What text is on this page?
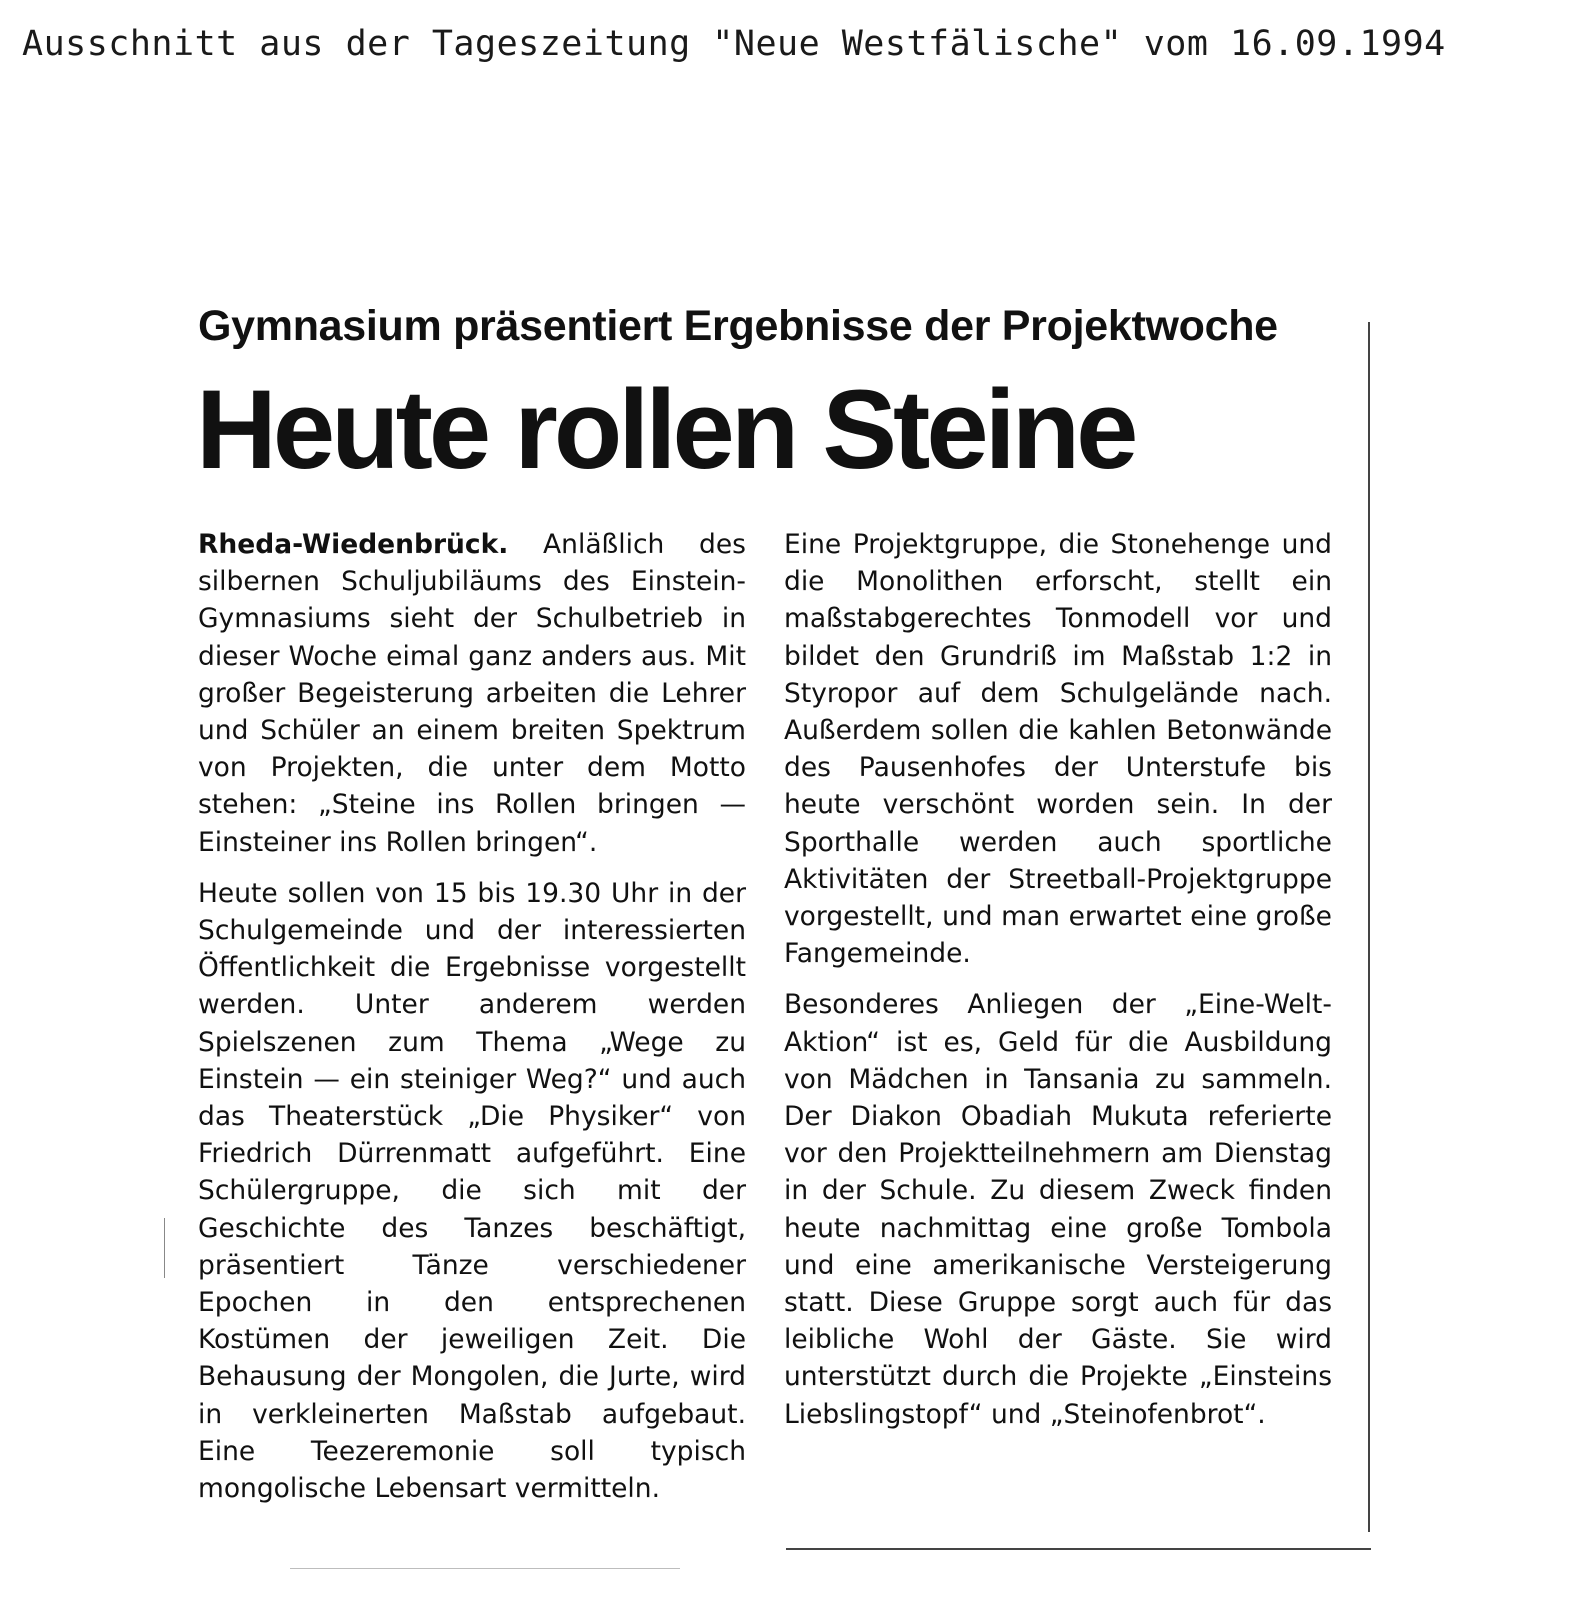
Ausschnitt aus der Tageszeitung "Neue Westfälische" vom 16.09.1994
Gymnasium präsentiert Ergebnisse der Projektwoche
Heute rollen Steine

Rheda-Wiedenbrück. Anläßlich des silbernen Schuljubiläums des Einstein-Gymnasiums sieht der Schulbetrieb in dieser Woche eimal ganz anders aus. Mit großer Begeisterung arbeiten die Lehrer und Schüler an einem breiten Spektrum von Projekten, die unter dem Motto stehen: „Steine ins Rollen bringen — Einsteiner ins Rollen bringen“.

Heute sollen von 15 bis 19.30 Uhr in der Schulgemeinde und der interessierten Öffentlichkeit die Ergebnisse vorgestellt werden. Unter anderem werden Spielszenen zum Thema „Wege zu Einstein — ein steiniger Weg?“ und auch das Theaterstück „Die Physiker“ von Friedrich Dürrenmatt aufgeführt. Eine Schülergruppe, die sich mit der Geschichte des Tanzes beschäftigt, präsentiert Tänze verschiedener Epochen in den entsprechenen Kostümen der jeweiligen Zeit. Die Behausung der Mongolen, die Jurte, wird in verkleinerten Maßstab aufgebaut. Eine Teezeremonie soll typisch mongolische Lebensart vermitteln.

Eine Projektgruppe, die Stonehenge und die Monolithen erforscht, stellt ein maßstabgerechtes Tonmodell vor und bildet den Grundriß im Maßstab 1:2 in Styropor auf dem Schulgelände nach. Außerdem sollen die kahlen Betonwände des Pausenhofes der Unterstufe bis heute verschönt worden sein. In der Sporthalle werden auch sportliche Aktivitäten der Streetball-Projektgruppe vorgestellt, und man erwartet eine große Fangemeinde.

Besonderes Anliegen der „Eine-Welt-Aktion“ ist es, Geld für die Ausbildung von Mädchen in Tansania zu sammeln. Der Diakon Obadiah Mukuta referierte vor den Projektteilnehmern am Dienstag in der Schule. Zu diesem Zweck finden heute nachmittag eine große Tombola und eine amerikanische Versteigerung statt. Diese Gruppe sorgt auch für das leibliche Wohl der Gäste. Sie wird unterstützt durch die Projekte „Einsteins Liebslingstopf“ und „Steinofenbrot“.
